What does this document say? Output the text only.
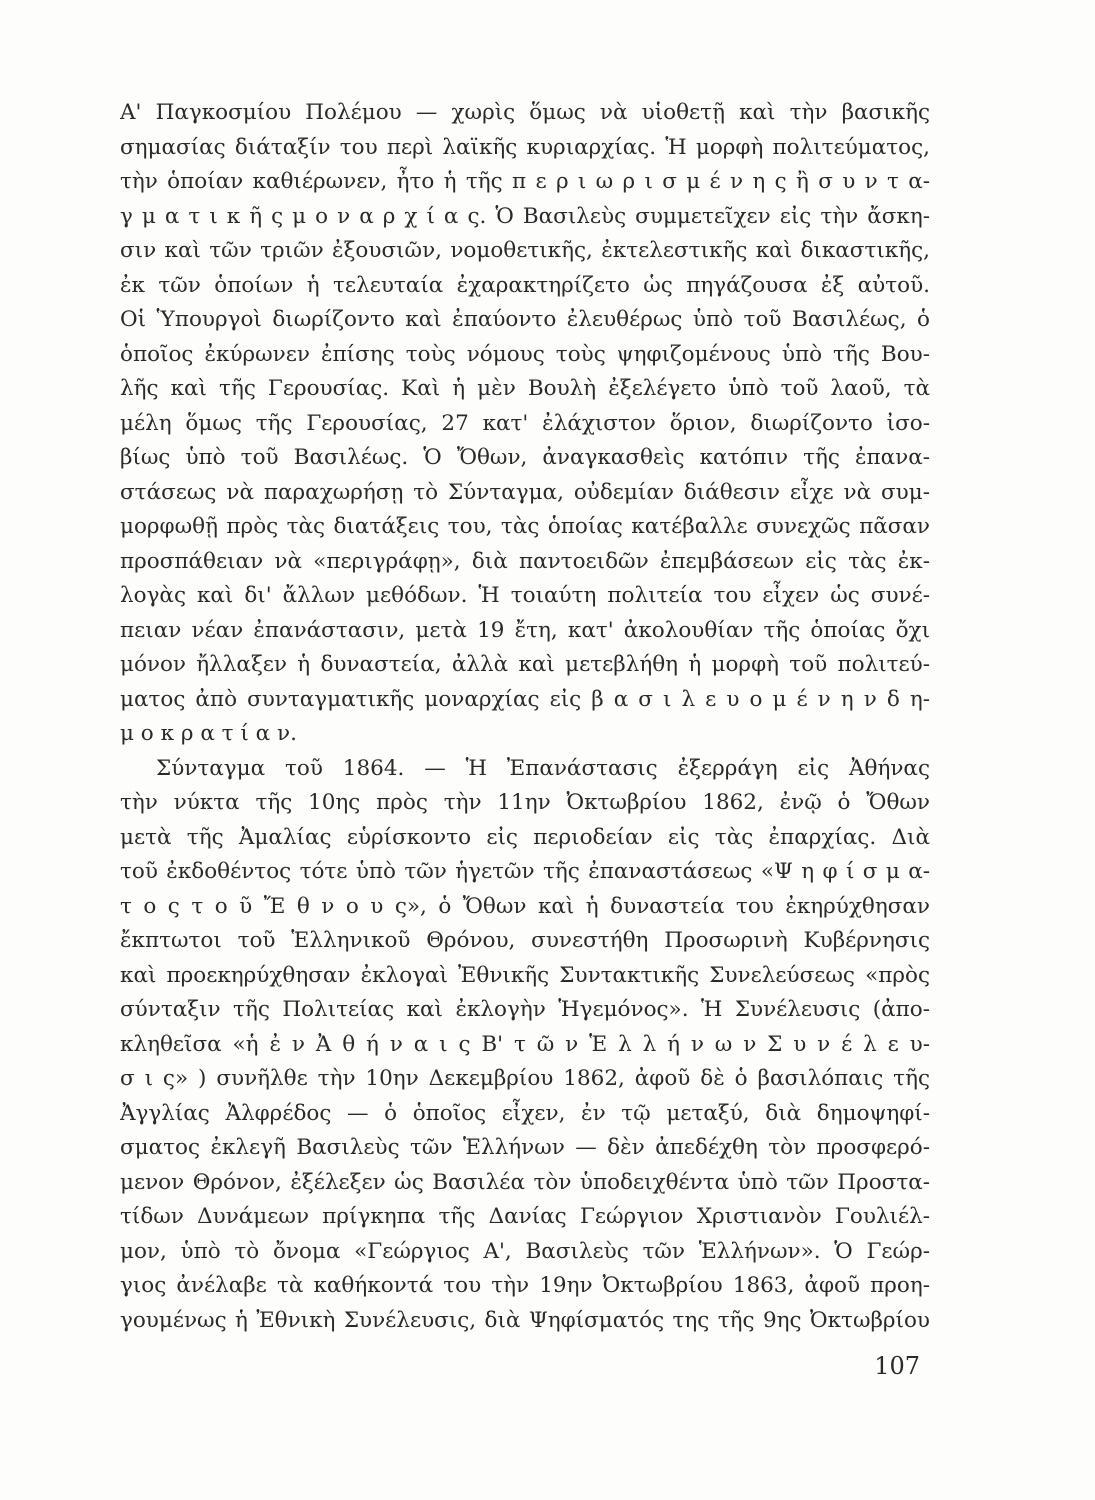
Α' Παγκοσμίου Πολέμου — χωρὶς ὅμως νὰ υἱοθετῇ καὶ τὴν βασικῆς
σημασίας διάταξίν του περὶ λαϊκῆς κυριαρχίας. Ἡ μορφὴ πολιτεύματος,
τὴν ὁποίαν καθιέρωνεν, ἦτο ἡ τῆς π ε ρ ι ω ρ ι σ μ έ ν η ς ἢ σ υ ν τ α-
γ μ α τ ι κ ῆ ς μ ο ν α ρ χ ί α ς. Ὁ Βασιλεὺς συμμετεῖχεν εἰς τὴν ἄσκη-
σιν καὶ τῶν τριῶν ἐξουσιῶν, νομοθετικῆς, ἐκτελεστικῆς καὶ δικαστικῆς,
ἐκ τῶν ὁποίων ἡ τελευταία ἐχαρακτηρίζετο ὡς πηγάζουσα ἐξ αὐτοῦ.
Οἱ Ὑπουργοὶ διωρίζοντο καὶ ἐπαύοντο ἐλευθέρως ὑπὸ τοῦ Βασιλέως, ὁ
ὁποῖος ἐκύρωνεν ἐπίσης τοὺς νόμους τοὺς ψηφιζομένους ὑπὸ τῆς Βου-
λῆς καὶ τῆς Γερουσίας. Καὶ ἡ μὲν Βουλὴ ἐξελέγετο ὑπὸ τοῦ λαοῦ, τὰ
μέλη ὅμως τῆς Γερουσίας, 27 κατ' ἐλάχιστον ὅριον, διωρίζοντο ἰσο-
βίως ὑπὸ τοῦ Βασιλέως. Ὁ Ὄθων, ἀναγκασθεὶς κατόπιν τῆς ἐπανα-
στάσεως νὰ παραχωρήσῃ τὸ Σύνταγμα, οὐδεμίαν διάθεσιν εἶχε νὰ συμ-
μορφωθῇ πρὸς τὰς διατάξεις του, τὰς ὁποίας κατέβαλλε συνεχῶς πᾶσαν
προσπάθειαν νὰ «περιγράφῃ», διὰ παντοειδῶν ἐπεμβάσεων εἰς τὰς ἐκ-
λογὰς καὶ δι' ἄλλων μεθόδων. Ἡ τοιαύτη πολιτεία του εἶχεν ὡς συνέ-
πειαν νέαν ἐπανάστασιν, μετὰ 19 ἔτη, κατ' ἀκολουθίαν τῆς ὁποίας ὄχι
μόνον ἤλλαξεν ἡ δυναστεία, ἀλλὰ καὶ μετεβλήθη ἡ μορφὴ τοῦ πολιτεύ-
ματος ἀπὸ συνταγματικῆς μοναρχίας εἰς β α σ ι λ ε υ ο μ έ ν η ν δ η-
μ ο κ ρ α τ ί α ν.
Σύνταγμα τοῦ 1864. — Ἡ Ἐπανάστασις ἐξερράγη εἰς Ἀθήνας
τὴν νύκτα τῆς 10ης πρὸς τὴν 11ην Ὀκτωβρίου 1862, ἐνῷ ὁ Ὄθων
μετὰ τῆς Ἀμαλίας εὑρίσκοντο εἰς περιοδείαν εἰς τὰς ἐπαρχίας. Διὰ
τοῦ ἐκδοθέντος τότε ὑπὸ τῶν ἡγετῶν τῆς ἐπαναστάσεως «Ψ η φ ί σ μ α-
τ ο ς τ ο ῦ Ἔ θ ν ο υ ς», ὁ Ὄθων καὶ ἡ δυναστεία του ἐκηρύχθησαν
ἔκπτωτοι τοῦ Ἑλληνικοῦ Θρόνου, συνεστήθη Προσωρινὴ Κυβέρνησις
καὶ προεκηρύχθησαν ἐκλογαὶ Ἐθνικῆς Συντακτικῆς Συνελεύσεως «πρὸς
σύνταξιν τῆς Πολιτείας καὶ ἐκλογὴν Ἡγεμόνος». Ἡ Συνέλευσις (ἀπο-
κληθεῖσα «ἡ ἐ ν Ἀ θ ή ν α ι ς Β' τ ῶ ν Ἑ λ λ ή ν ω ν Σ υ ν έ λ ε υ-
σ ι ς» ) συνῆλθε τὴν 10ην Δεκεμβρίου 1862, ἀφοῦ δὲ ὁ βασιλόπαις τῆς
Ἀγγλίας Ἀλφρέδος — ὁ ὁποῖος εἶχεν, ἐν τῷ μεταξύ, διὰ δημοψηφί-
σματος ἐκλεγῆ Βασιλεὺς τῶν Ἑλλήνων — δὲν ἀπεδέχθη τὸν προσφερό-
μενον Θρόνον, ἐξέλεξεν ὡς Βασιλέα τὸν ὑποδειχθέντα ὑπὸ τῶν Προστα-
τίδων Δυνάμεων πρίγκηπα τῆς Δανίας Γεώργιον Χριστιανὸν Γουλιέλ-
μον, ὑπὸ τὸ ὄνομα «Γεώργιος Α', Βασιλεὺς τῶν Ἑλλήνων». Ὁ Γεώρ-
γιος ἀνέλαβε τὰ καθήκοντά του τὴν 19ην Ὀκτωβρίου 1863, ἀφοῦ προη-
γουμένως ἡ Ἐθνικὴ Συνέλευσις, διὰ Ψηφίσματός της τῆς 9ης Ὀκτωβρίου
107
